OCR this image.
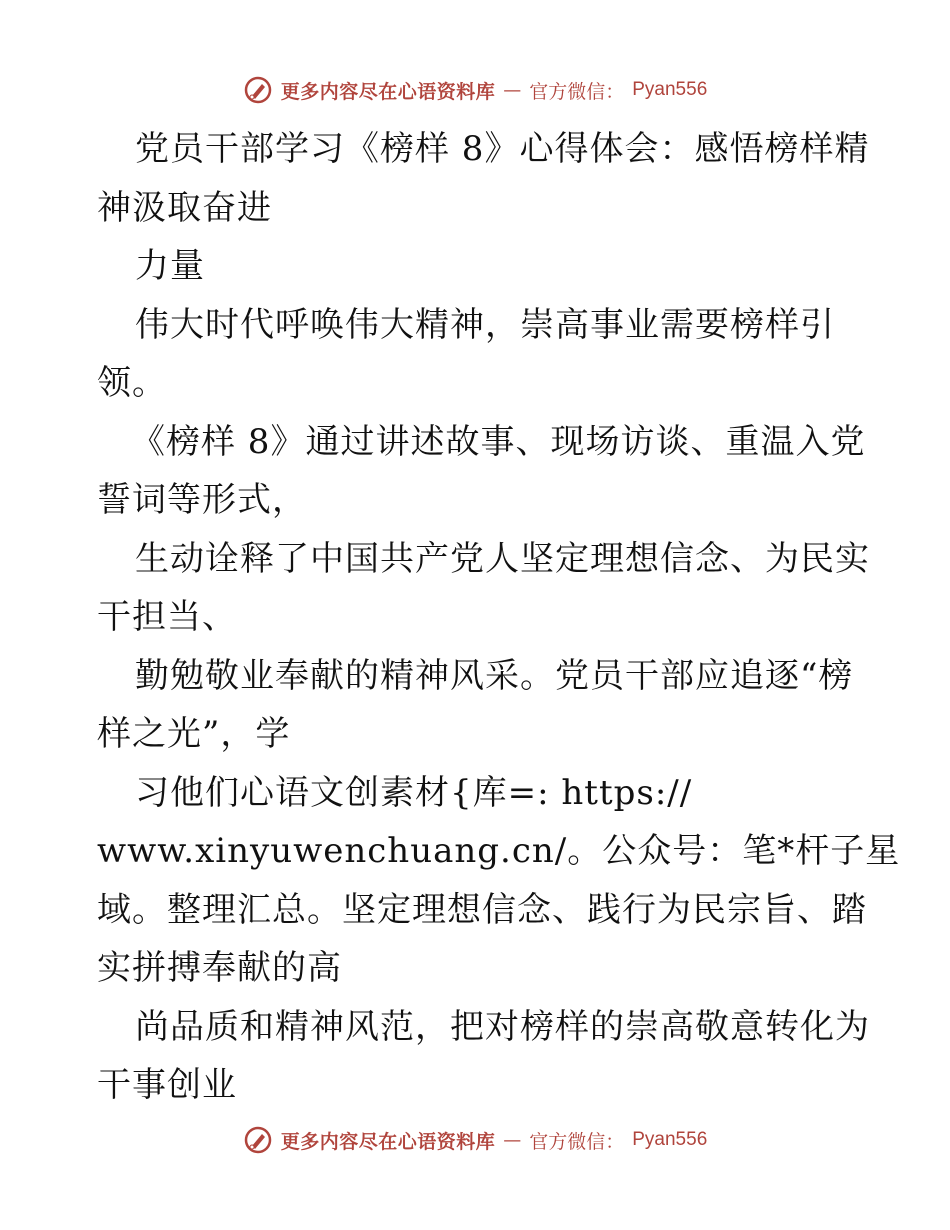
更多内容尽在心语资料库 — 官方微信： Pyan556
党员干部学习《榜样 8》心得体会：感悟榜样精
神汲取奋进
力量
伟大时代呼唤伟大精神，崇高事业需要榜样引
领。
《榜样 8》通过讲述故事、现场访谈、重温入党
誓词等形式，
生动诠释了中国共产党人坚定理想信念、为民实
干担当、
勤勉敬业奉献的精神风采。党员干部应追逐“榜
样之光”，学
习他们心语文创素材{库=: https://
www.xinyuwenchuang.cn/。公众号：笔*杆子星
域。整理汇总。坚定理想信念、践行为民宗旨、踏
实拼搏奉献的高
尚品质和精神风范，把对榜样的崇高敬意转化为
干事创业
更多内容尽在心语资料库 — 官方微信： Pyan556
